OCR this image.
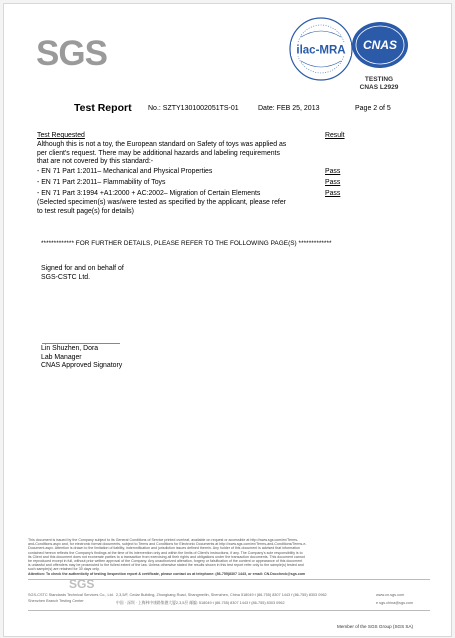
SGS	ilac-MRA CNAS
TESTING
CNAS L2929
Test Report No.: SZTY1301002051TS-01	Date: FEB 25, 2013	Page 2 of 5
Test Requested	Result
Although this is not a toy, the European standard on Safety of toys was applied as
per client's request. There may be additional hazards and labeling requirements
that are not covered by this standard:-
- EN 71 Part 1:2011– Mechanical and Physical Properties	Pass
- EN 71 Part 2:2011– Flammability of Toys	Pass
- EN 71 Part 3:1994 +A1:2000 + AC:2002– Migration of Certain Elements	Pass
(Selected specimen(s) was/were tested as specified by the applicant, please refer
to test result page(s) for details)
************* FOR FURTHER DETAILS, PLEASE REFER TO THE FOLLOWING PAGE(S) *************
Signed for and on behalf of
SGS-CSTC Ltd.
Lin Shuzhen, Dora
Lab Manager
CNAS Approved Signatory
This document is issued by the Company subject to its General Conditions of Service printed overleaf, available on request or accessible at http://www.sgs.com/en/Terms-
and-Conditions.aspx and, for electronic format documents, subject to Terms and Conditions for Electronic Documents at http://www.sgs.com/en/Terms-and-Conditions/Terms-e-
Document.aspx. Attention is drawn to the limitation of liability, indemnification and jurisdiction issues defined therein. Any holder of this document is advised that information
contained hereon reflects the Company's findings at the time of its intervention only and within the limits of Client's instructions, if any. The Company's sole responsibility is to
its Client and this document does not exonerate parties to a transaction from exercising all their rights and obligations under the transaction documents. This document cannot
be reproduced except in full, without prior written approval of the Company. Any unauthorized alteration, forgery or falsification of the content or appearance of this document
is unlawful and offenders may be prosecuted to the fullest extent of the law. Unless otherwise stated the results shown in this test report refer only to the sample(s) tested and
such sample(s) are retained for 30 days only.
Attention: To check the authenticity of testing /inspection report & certificate, please contact us at telephone: (86-755)8307 1443, or email: CN.Doccheck@sgs.com
SGS
SGS-CSTC Standards Technical Services Co., Ltd.
Shenzhen Branch Testing Center
2,3,5/F, Cedar Building, Zhongkang Road, Shangmeilin, Shenzhen, China 518049 t (86-755) 8307 1443 f (86-755) 8303 0962
中国 · 深圳 · 上梅林中康路集德大厦2,3,5层 邮编: 518049 t (86-755) 8307 1443 f (86-755) 8303 0962
www.cn.sgs.com
e sgs.china@sgs.com
Member of the SGS Group (SGS SA)
